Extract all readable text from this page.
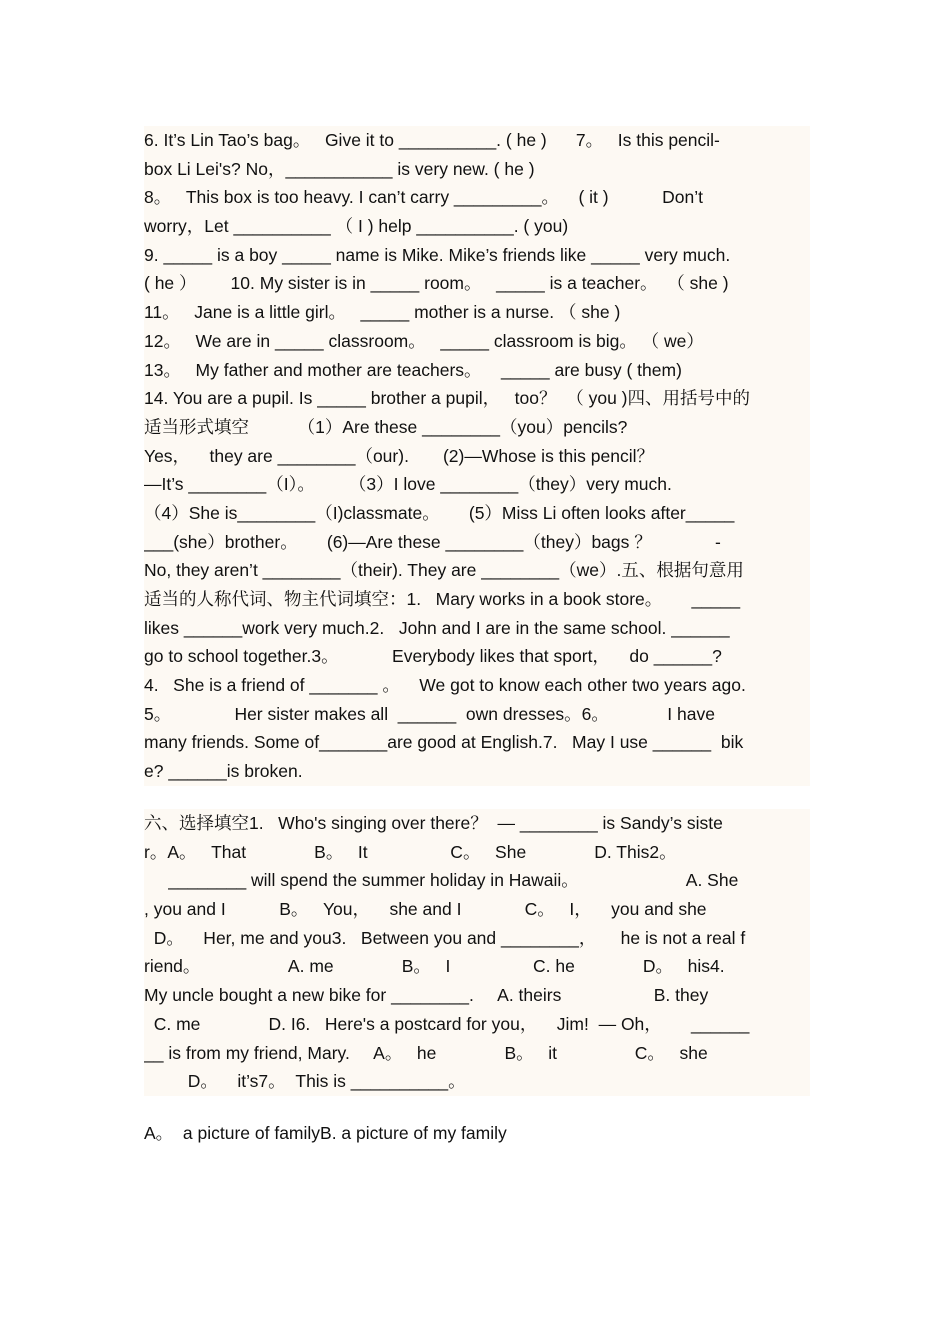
6. It’s Lin Tao’s bag。   Give it to __________. ( he )      7。   Is this pencil-
box Li Lei's? No，___________ is very new. ( he )
8。   This box is too heavy. I can’t carry _________。    ( it )           Don’t
worry，Let __________ （ I ) help __________. ( you)
9. _____ is a boy _____ name is Mike. Mike’s friends like _____ very much.
( he ）       10. My sister is in _____ room。   _____ is a teacher。  （ she )
11。   Jane is a little girl。   _____ mother is a nurse. （ she )
12。   We are in _____ classroom。   _____ classroom is big。 （ we）
13。   My father and mother are teachers。    _____ are busy ( them)
14. You are a pupil. Is _____ brother a pupil，   too？  （ you )四、用括号中的
适当形式填空          （1）Are these ________（you）pencils?
Yes，    they are ________（our).       (2)—Whose is this pencil？
—It’s ________（I）。       （3）I love ________（they）very much.
（4）She is________（I)classmate。      (5）Miss Li often looks after_____
___(she）brother。      (6)—Are these ________（they）bags ？             -
No, they aren’t ________（their). They are ________（we）.五、根据句意用
适当的人称代词、物主代词填空：1.   Mary works in a book store。      _____
likes ______work very much.2.   John and I are in the same school. ______
go to school together.3。           Everybody likes that sport，    do ______?
4.   She is a friend of _______ 。    We got to know each other two years ago.
5。             Her sister makes all  ______  own dresses。6。            I have
many friends. Some of_______are good at English.7.   May I use ______  bik
e? ______is broken.
六、选择填空1.   Who's singing over there？  — ________ is Sandy’s siste
r。A。   That              B。   It                 C。   She              D. This2。
________ will spend the summer holiday in Hawaii。                      A. She
, you and I           B。   You，    she and I             C。   I，    you and she
D。    Her, me and you3.   Between you and ________，     he is not a real f
riend。                  A. me              B。   I                 C. he              D。   his4.
My uncle bought a new bike for ________.     A. theirs                   B. they
C. me              D. I6.   Here's a postcard for you，    Jim!  — Oh，      ______
__ is from my friend, Mary.     A。   he              B。   it                C。   she
D。    it’s7。  This is __________。
A。  a picture of familyB. a picture of my family
